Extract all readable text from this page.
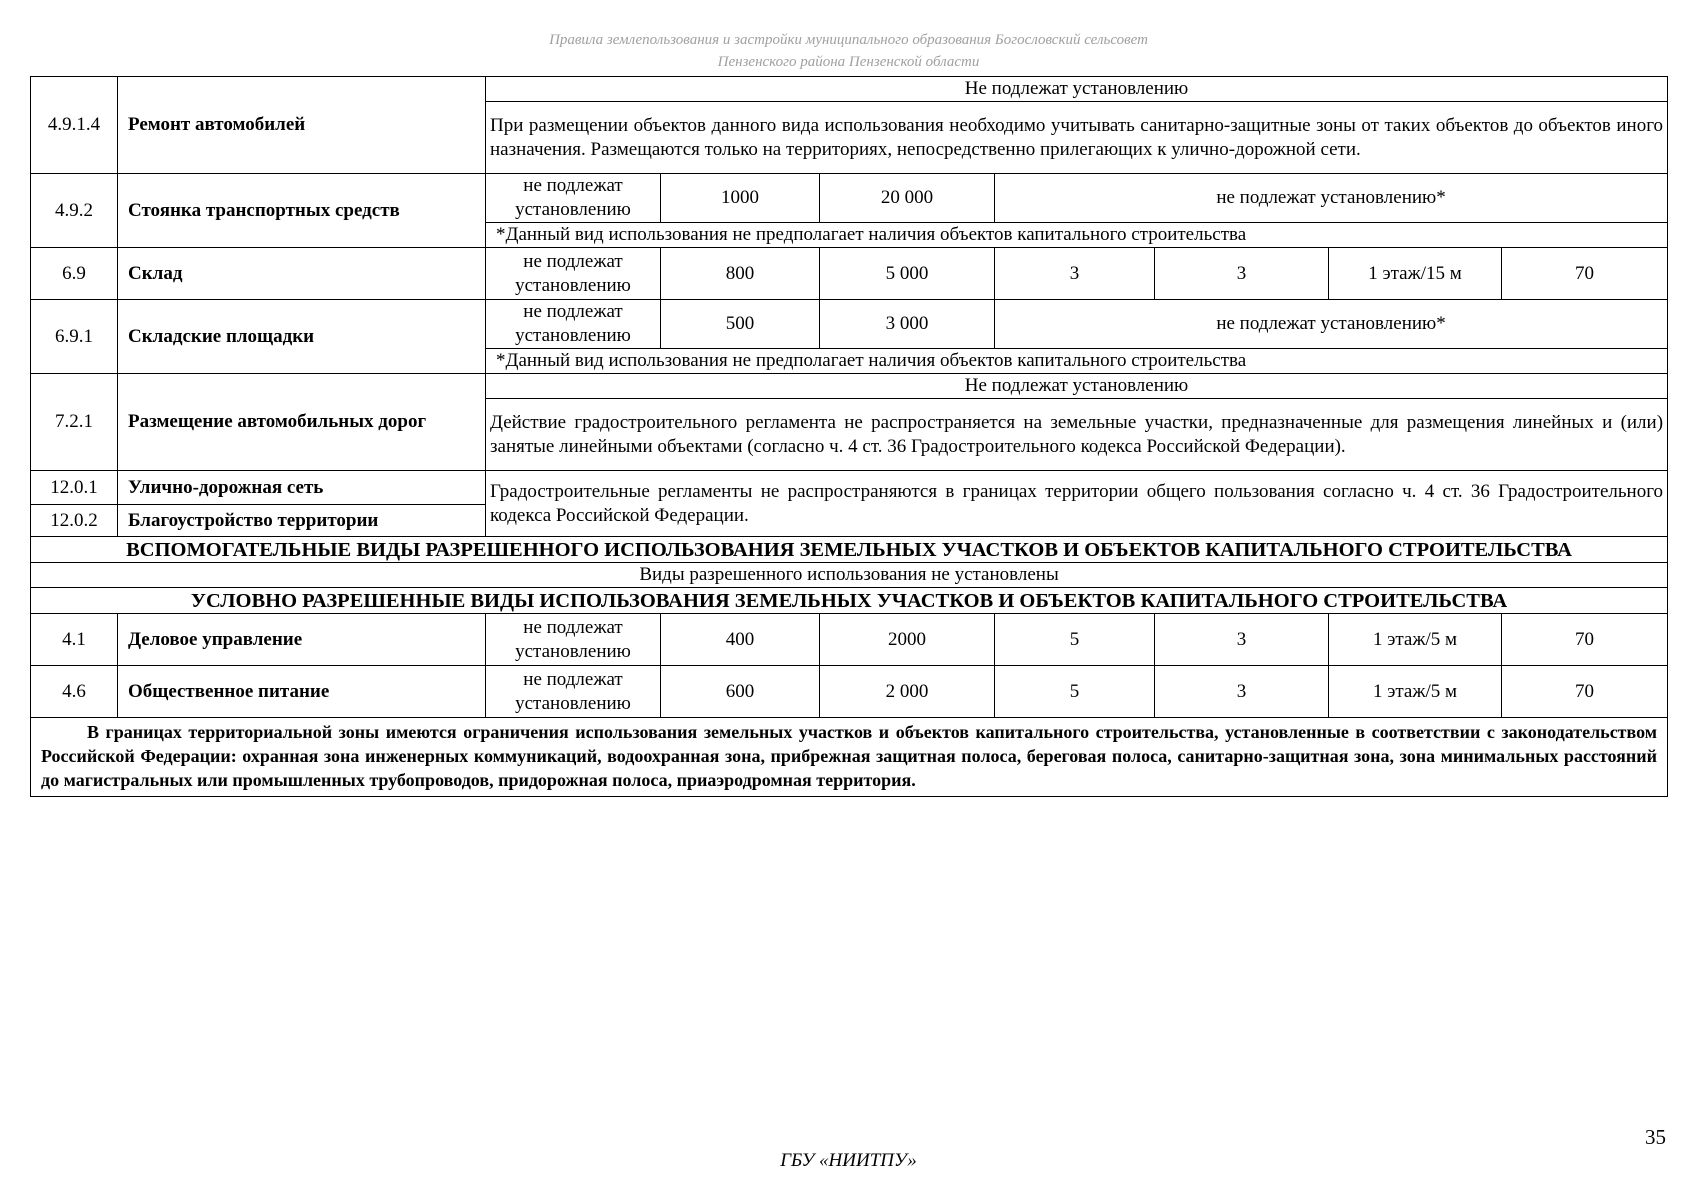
Правила землепользования и застройки муниципального образования Богословский сельсовет
Пензенского района Пензенской области
4.9.1.4	Ремонт автомобилей	Не подлежат установлению						
		При размещении объектов данного вида использования необходимо учитывать санитарно-защитные зоны от таких объектов до объектов иного назначения. Размещаются только на территориях, непосредственно прилегающих к улично-дорожной сети.						
4.9.2	Стоянка транспортных средств	не подлежат установлению	1000	20 000	не подлежат установлению*			
		*Данный вид использования не предполагает наличия объектов капитального строительства						
6.9	Склад	не подлежат установлению	800	5 000	3	3	1 этаж/15 м	70
6.9.1	Складские площадки	не подлежат установлению	500	3 000	не подлежат установлению*			
		*Данный вид использования не предполагает наличия объектов капитального строительства						
7.2.1	Размещение автомобильных дорог	Не подлежат установлению						
		Действие градостроительного регламента не распространяется на земельные участки, предназначенные для размещения линейных и (или) занятые линейными объектами (согласно ч. 4 ст. 36 Градостроительного кодекса Российской Федерации).						
12.0.1	Улично-дорожная сеть	Градостроительные регламенты не распространяются в границах территории общего пользования согласно ч. 4 ст. 36 Градостроительного кодекса Российской Федерации.						
12.0.2	Благоустройство территории							
ВСПОМОГАТЕЛЬНЫЕ ВИДЫ РАЗРЕШЕННОГО ИСПОЛЬЗОВАНИЯ ЗЕМЕЛЬНЫХ УЧАСТКОВ И ОБЪЕКТОВ КАПИТАЛЬНОГО СТРОИТЕЛЬСТВА								
Виды разрешенного использования не установлены								
УСЛОВНО РАЗРЕШЕННЫЕ ВИДЫ ИСПОЛЬЗОВАНИЯ ЗЕМЕЛЬНЫХ УЧАСТКОВ И ОБЪЕКТОВ КАПИТАЛЬНОГО СТРОИТЕЛЬСТВА								
4.1	Деловое управление	не подлежат установлению	400	2000	5	3	1 этаж/5 м	70
4.6	Общественное питание	не подлежат установлению	600	2 000	5	3	1 этаж/5 м	70
В границах территориальной зоны имеются ограничения использования земельных участков и объектов капитального строительства, установленные в соответствии с законодательством Российской Федерации: охранная зона инженерных коммуникаций, водоохранная зона, прибрежная защитная полоса, береговая полоса, санитарно-защитная зона, зона минимальных расстояний до магистральных или промышленных трубопроводов, придорожная полоса, приаэродромная территория.								
35
ГБУ «НИИТПУ»
